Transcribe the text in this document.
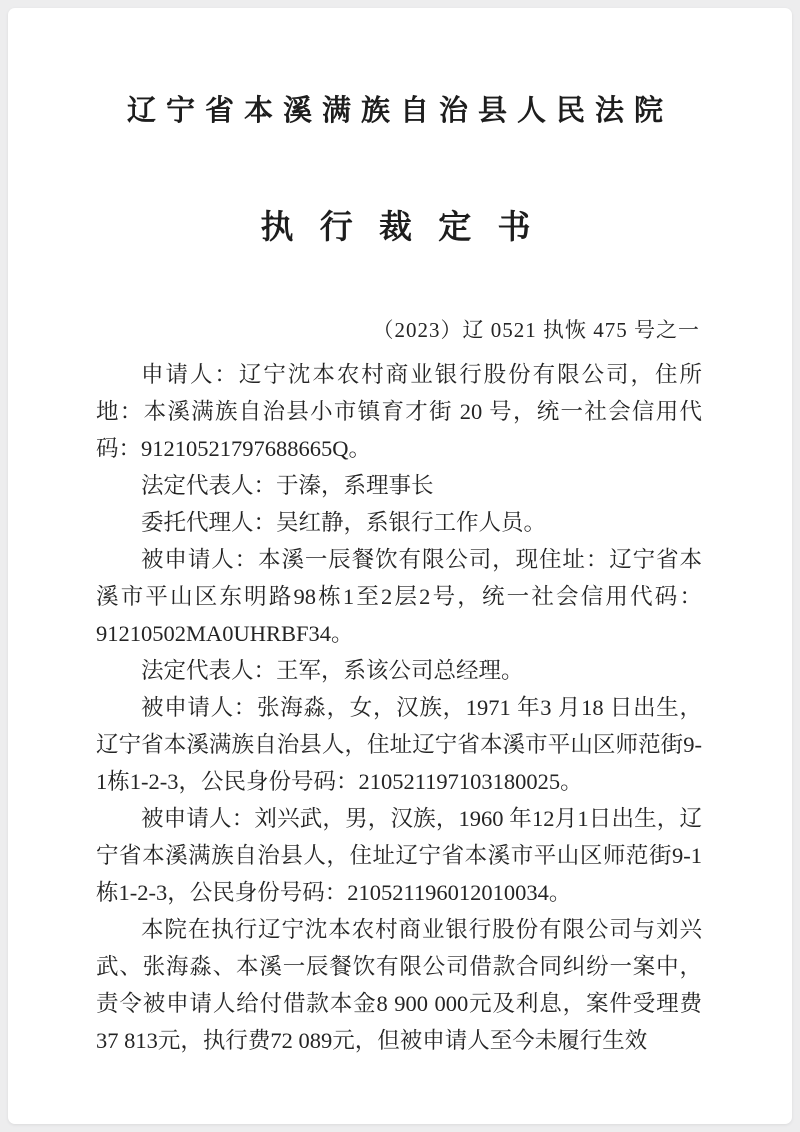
辽宁省本溪满族自治县人民法院
执 行 裁 定 书
（2023）辽 0521 执恢 475 号之一

申请人：辽宁沈本农村商业银行股份有限公司，住所地：本溪满族自治县小市镇育才街 20 号，统一社会信用代码：91210521797688665Q。

法定代表人：于溱，系理事长

委托代理人：吴红静，系银行工作人员。

被申请人：本溪一辰餐饮有限公司，现住址：辽宁省本溪市平山区东明路98栋1至2层2号，统一社会信用代码：91210502MA0UHRBF34。

法定代表人：王军，系该公司总经理。

被申请人：张海淼，女，汉族，1971 年3 月18 日出生，辽宁省本溪满族自治县人，住址辽宁省本溪市平山区师范街9-1栋1-2-3，公民身份号码：210521197103180025。

被申请人：刘兴武，男，汉族，1960 年12月1日出生，辽宁省本溪满族自治县人，住址辽宁省本溪市平山区师范街9-1栋1-2-3，公民身份号码：210521196012010034。

本院在执行辽宁沈本农村商业银行股份有限公司与刘兴武、张海淼、本溪一辰餐饮有限公司借款合同纠纷一案中，责令被申请人给付借款本金8 900 000元及利息，案件受理费37 813元，执行费72 089元，但被申请人至今未履行生效
